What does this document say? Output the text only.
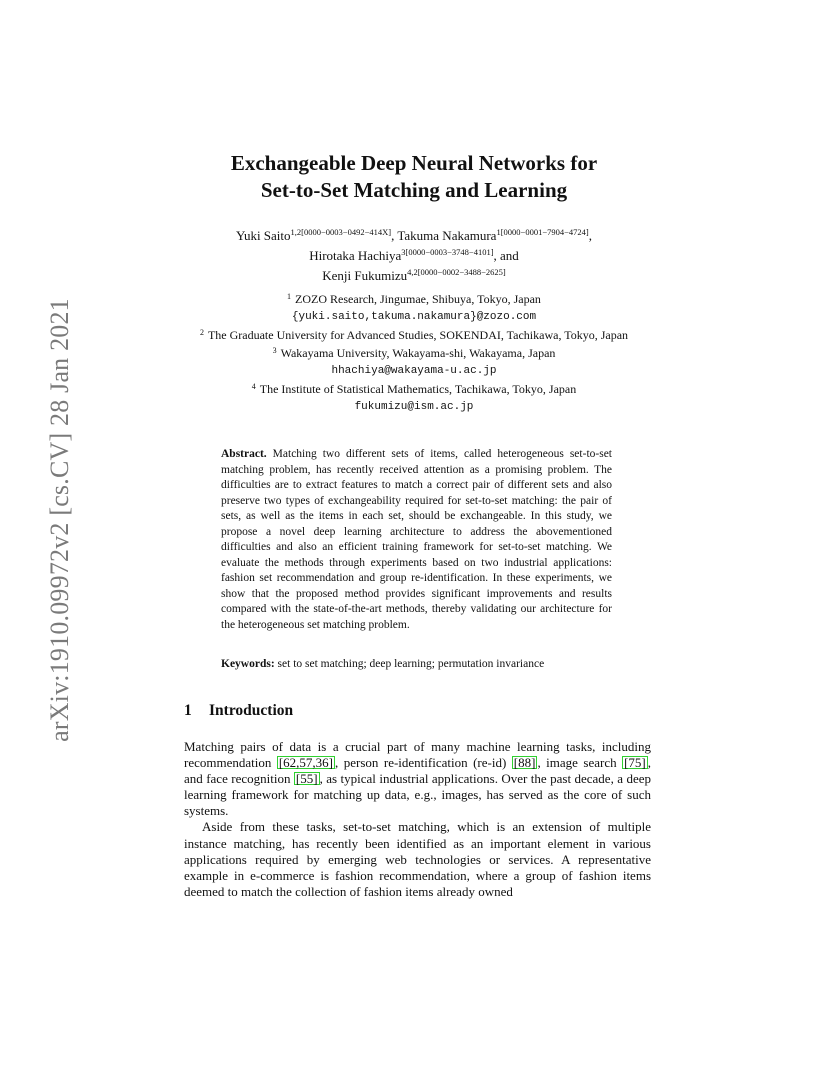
arXiv:1910.09972v2 [cs.CV] 28 Jan 2021
Exchangeable Deep Neural Networks for
Set-to-Set Matching and Learning
Yuki Saito$^{1,2[0000-0003-0492-414X]}$, Takuma Nakamura$^{1[0000-0001-7904-4724]}$,
Hirotaka Hachiya$^{3[0000-0003-3748-4101]}$, and
Kenji Fukumizu$^{4,2[0000-0002-3488-2625]}$
$^1$ ZOZO Research, Jingumae, Shibuya, Tokyo, Japan
{yuki.saito,takuma.nakamura}@zozo.com
$^2$ The Graduate University for Advanced Studies, SOKENDAI, Tachikawa, Tokyo, Japan
$^3$ Wakayama University, Wakayama-shi, Wakayama, Japan
hhachiya@wakayama-u.ac.jp
$^4$ The Institute of Statistical Mathematics, Tachikawa, Tokyo, Japan
fukumizu@ism.ac.jp
Abstract. Matching two different sets of items, called heterogeneous set-to-set matching problem, has recently received attention as a promising problem. The difficulties are to extract features to match a correct pair of different sets and also preserve two types of exchangeability required for set-to-set matching: the pair of sets, as well as the items in each set, should be exchangeable. In this study, we propose a novel deep learning architecture to address the abovementioned difficulties and also an efficient training framework for set-to-set matching. We evaluate the methods through experiments based on two industrial applications: fashion set recommendation and group re-identification. In these experiments, we show that the proposed method provides significant improvements and results compared with the state-of-the-art methods, thereby validating our architecture for the heterogeneous set matching problem.
Keywords: set to set matching; deep learning; permutation invariance
1 Introduction

Matching pairs of data is a crucial part of many machine learning tasks, including recommendation [62,57,36] , person re-identification (re-id) [88] , image search [75] , and face recognition [55] , as typical industrial applications. Over the past decade, a deep learning framework for matching up data, e.g., images, has served as the core of such systems.

Aside from these tasks, set-to-set matching, which is an extension of multiple instance matching, has recently been identified as an important element in various applications required by emerging web technologies or services. A representative example in e-commerce is fashion recommendation, where a group of fashion items deemed to match the collection of fashion items already owned
